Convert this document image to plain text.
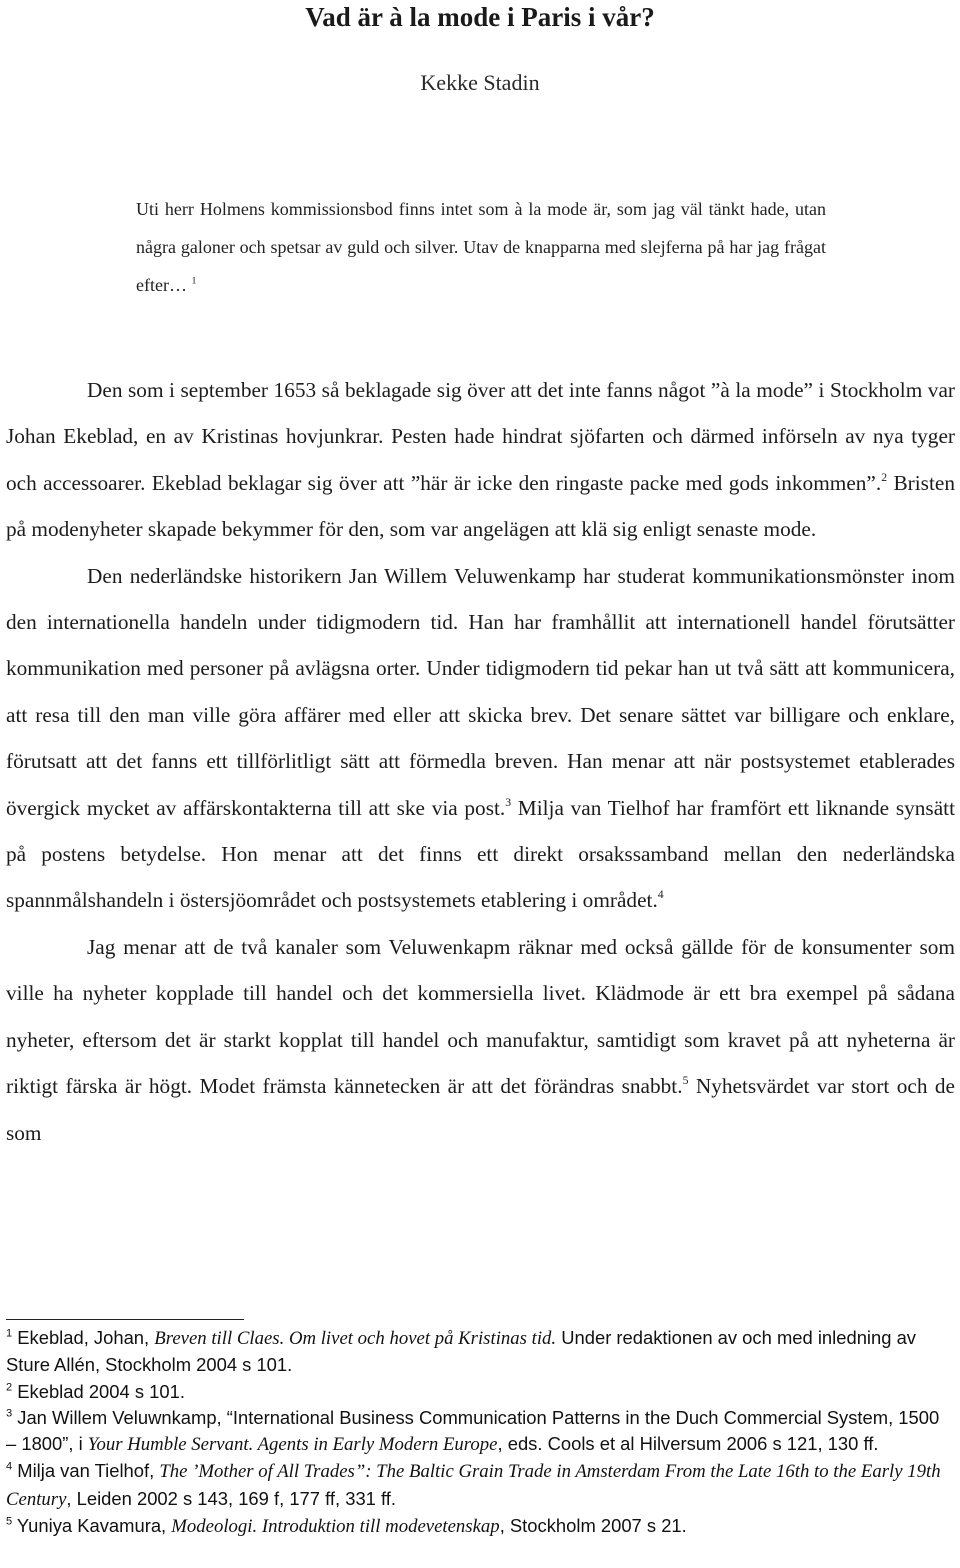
Vad är à la mode i Paris i vår?
Kekke Stadin
Uti herr Holmens kommissionsbod finns intet som à la mode är, som jag väl tänkt hade, utan några galoner och spetsar av guld och silver. Utav de knapparna med slejferna på har jag frågat efter… $^1$

Den som i september 1653 så beklagade sig över att det inte fanns något ”à la mode” i Stockholm var Johan Ekeblad, en av Kristinas hovjunkrar. Pesten hade hindrat sjöfarten och därmed införseln av nya tyger och accessoarer. Ekeblad beklagar sig över att ”här är icke den ringaste packe med gods inkommen”.$^2$ Bristen på modenyheter skapade bekymmer för den, som var angelägen att klä sig enligt senaste mode.

Den nederländske historikern Jan Willem Veluwenkamp har studerat kommunikationsmönster inom den internationella handeln under tidigmodern tid. Han har framhållit att internationell handel förutsätter kommunikation med personer på avlägsna orter. Under tidigmodern tid pekar han ut två sätt att kommunicera, att resa till den man ville göra affärer med eller att skicka brev. Det senare sättet var billigare och enklare, förutsatt att det fanns ett tillförlitligt sätt att förmedla breven. Han menar att när postsystemet etablerades övergick mycket av affärskontakterna till att ske via post.$^3$ Milja van Tielhof har framfört ett liknande synsätt på postens betydelse. Hon menar att det finns ett direkt orsakssamband mellan den nederländska spannmålshandeln i östersjöområdet och postsystemets etablering i området.$^4$

Jag menar att de två kanaler som Veluwenkapm räknar med också gällde för de konsumenter som ville ha nyheter kopplade till handel och det kommersiella livet. Klädmode är ett bra exempel på sådana nyheter, eftersom det är starkt kopplat till handel och manufaktur, samtidigt som kravet på att nyheterna är riktigt färska är högt. Modet främsta kännetecken är att det förändras snabbt.$^5$ Nyhetsvärdet var stort och de som

$^1$ Ekeblad, Johan, Breven till Claes. Om livet och hovet på Kristinas tid. Under redaktionen av och med inledning av Sture Allén, Stockholm 2004 s 101.

$^2$ Ekeblad 2004 s 101.

$^3$ Jan Willem Veluwnkamp, “International Business Communication Patterns in the Duch Commercial System, 1500 – 1800”, i Your Humble Servant. Agents in Early Modern Europe, eds. Cools et al Hilversum 2006 s 121, 130 ff.

$^4$ Milja van Tielhof, The ’Mother of All Trades”: The Baltic Grain Trade in Amsterdam From the Late 16th to the Early 19th Century, Leiden 2002 s 143, 169 f, 177 ff, 331 ff.

$^5$ Yuniya Kavamura, Modeologi. Introduktion till modevetenskap, Stockholm 2007 s 21.
